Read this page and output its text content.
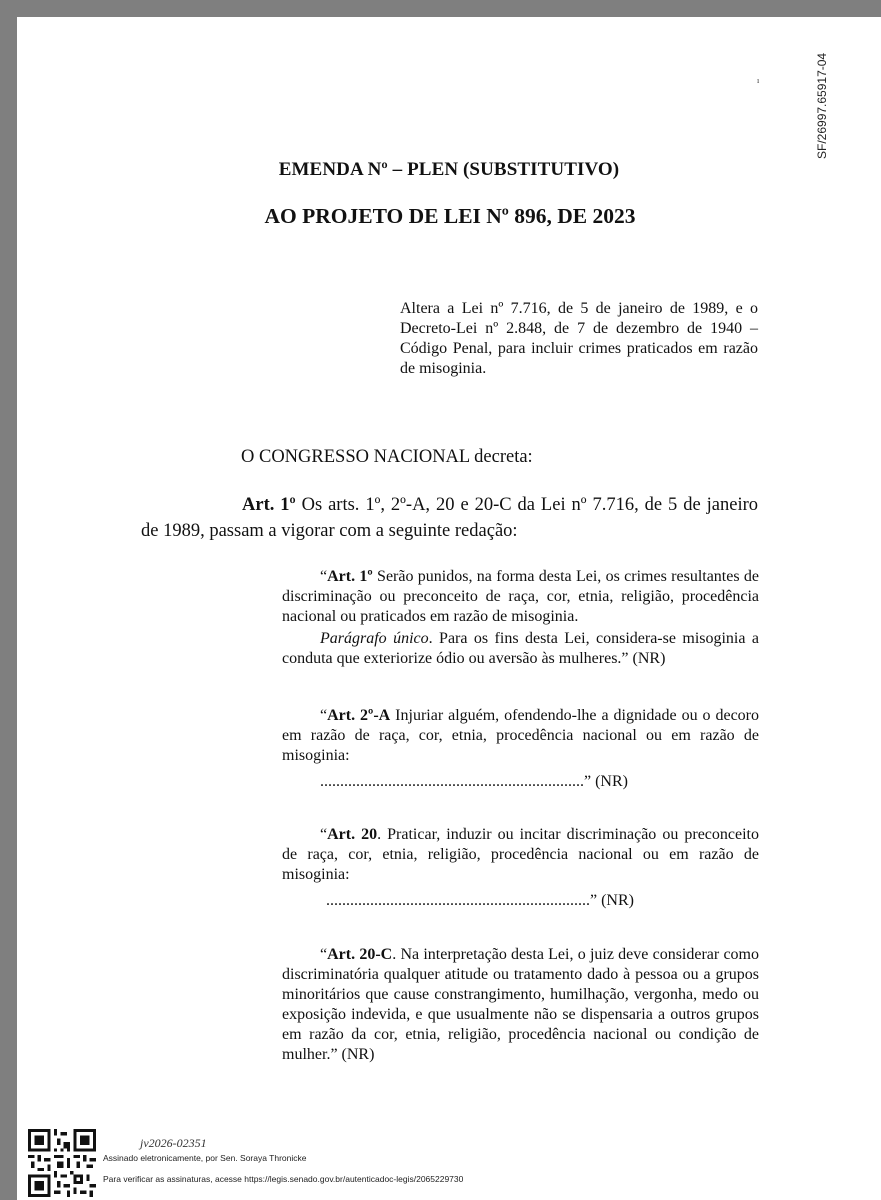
SF/26997.65917-04
ı
EMENDA Nº – PLEN (SUBSTITUTIVO)
AO PROJETO DE LEI Nº 896, DE 2023
Altera a Lei nº 7.716, de 5 de janeiro de 1989, e o Decreto-Lei nº 2.848, de 7 de dezembro de 1940 – Código Penal, para incluir crimes praticados em razão de misoginia.
O CONGRESSO NACIONAL decreta:
Art. 1º Os arts. 1º, 2º-A, 20 e 20-C da Lei nº 7.716, de 5 de janeiro de 1989, passam a vigorar com a seguinte redação:
“Art. 1º Serão punidos, na forma desta Lei, os crimes resultantes de discriminação ou preconceito de raça, cor, etnia, religião, procedência nacional ou praticados em razão de misoginia.
Parágrafo único. Para os fins desta Lei, considera-se misoginia a conduta que exteriorize ódio ou aversão às mulheres.” (NR)
“Art. 2º-A Injuriar alguém, ofendendo-lhe a dignidade ou o decoro em razão de raça, cor, etnia, procedência nacional ou em razão de misoginia:
..................................................................” (NR)
“Art. 20. Praticar, induzir ou incitar discriminação ou preconceito de raça, cor, etnia, religião, procedência nacional ou em razão de misoginia:
..................................................................” (NR)
“Art. 20-C. Na interpretação desta Lei, o juiz deve considerar como discriminatória qualquer atitude ou tratamento dado à pessoa ou a grupos minoritários que cause constrangimento, humilhação, vergonha, medo ou exposição indevida, e que usualmente não se dispensaria a outros grupos em razão da cor, etnia, religião, procedência nacional ou condição de mulher.” (NR)
jv2026-02351
Assinado eletronicamente, por Sen. Soraya Thronicke
Para verificar as assinaturas, acesse https://legis.senado.gov.br/autenticadoc-legis/2065229730
